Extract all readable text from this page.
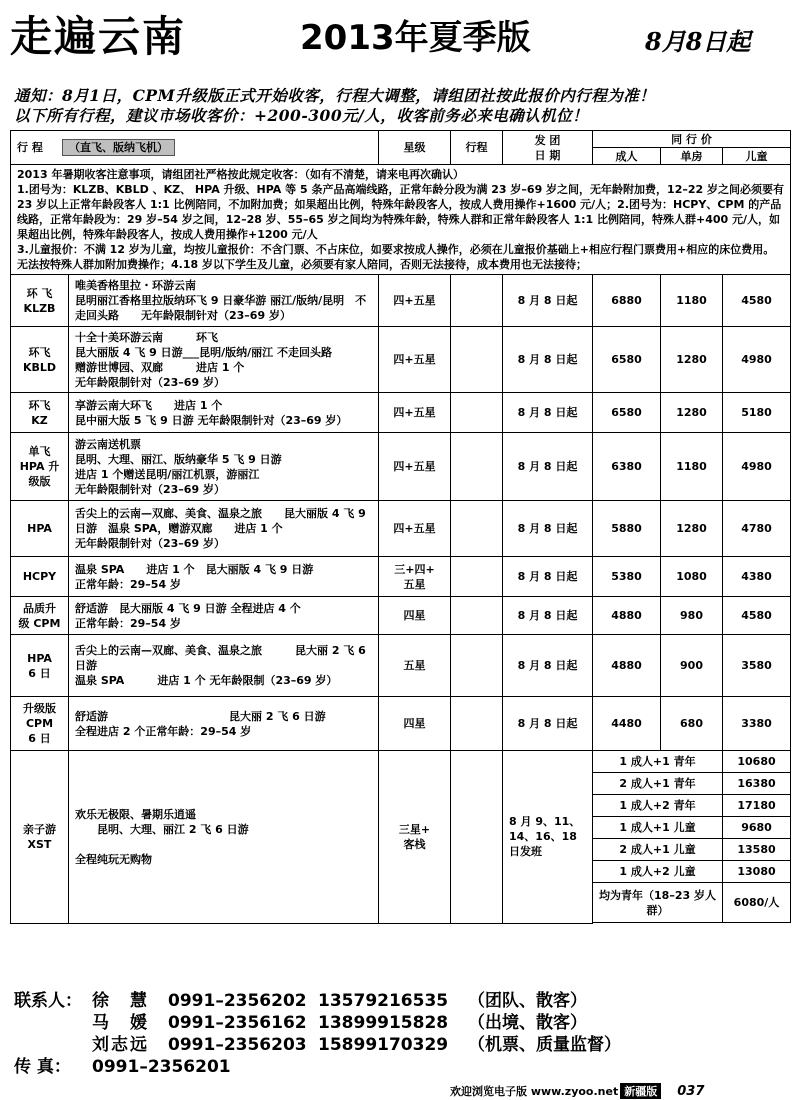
走遍云南	2013年夏季版	8月8日起
通知：8月1日，CPM升级版正式开始收客，行程大调整，请组团社按此报价内行程为准！
以下所有行程，建议市场收客价：+200-300元/人，收客前务必来电确认机位！
行 程 （直飞、版纳飞机）		星级	行程	发 团
日 期	同 行 价		
					成人	单房	儿童

2013 年暑期收客注意事项，请组团社严格按此规定收客：（如有不清楚，请来电再次确认）
1.团号为：KLZB、KBLD 、KZ、 HPA 升级、HPA 等 5 条产品高端线路，正常年龄分段为满 23 岁–69 岁之间，无年龄附加费，12–22 岁之间必须要有 23 岁以上正常年龄段客人 1:1 比例陪同，不加附加费；如果超出比例，特殊年龄段客人，按成人费用操作+1600 元/人；2.团号为：HCPY、CPM 的产品线路，正常年龄段为：29 岁–54 岁之间，12–28 岁、55–65 岁之间均为特殊年龄，特殊人群和正常年龄段客人 1:1 比例陪同，特殊人群+400 元/人，如果超出比例，特殊年龄段客人，按成人费用操作+1200 元/人
3.儿童报价：不满 12 岁为儿童，均按儿童报价：不含门票、不占床位，如要求按成人操作，必须在儿童报价基础上+相应行程门票费用+相应的床位费用。无法按特殊人群加附加费操作；4.18 岁以下学生及儿童，必须要有家人陪同，否则无法接待，成本费用也无法接待；							

环 飞
KLZB	唯美香格里拉・环游云南
昆明丽江香格里拉版纳环飞 9 日豪华游 丽江/版纳/昆明　不走回头路　　无年龄限制针对（23–69 岁）	四+五星		8 月 8 日起	6880	1180	4580
环飞
KBLD	十全十美环游云南　　　环飞
昆大丽版 4 飞 9 日游___昆明/版纳/丽江 不走回头路
赠游世博园、双廊　　　进店 1 个
无年龄限制针对（23–69 岁）	四+五星		8 月 8 日起	6580	1280	4980
环飞
KZ	享游云南大环飞　　进店 1 个
昆中丽大版 5 飞 9 日游 无年龄限制针对（23–69 岁）	四+五星		8 月 8 日起	6580	1280	5180
单飞
HPA 升
级版	游云南送机票
昆明、大理、丽江、版纳豪华 5 飞 9 日游
进店 1 个赠送昆明/丽江机票，游丽江
无年龄限制针对（23–69 岁）	四+五星		8 月 8 日起	6380	1180	4980
HPA	舌尖上的云南—双廊、美食、温泉之旅　　昆大丽版 4 飞 9 日游　温泉 SPA，赠游双廊　　进店 1 个
无年龄限制针对（23–69 岁）	四+五星		8 月 8 日起	5880	1280	4780
HCPY	温泉 SPA　　进店 1 个　昆大丽版 4 飞 9 日游
正常年龄：29–54 岁	三+四+
五星		8 月 8 日起	5380	1080	4380
品质升
级 CPM	舒适游　昆大丽版 4 飞 9 日游 全程进店 4 个
正常年龄：29–54 岁	四星		8 月 8 日起	4880	980	4580
HPA
6 日	舌尖上的云南—双廊、美食、温泉之旅　　　昆大丽 2 飞 6 日游
温泉 SPA　　　进店 1 个 无年龄限制（23–69 岁）	五星		8 月 8 日起	4880	900	3580
升级版
CPM
6 日	舒适游　　　　　　　　　　　昆大丽 2 飞 6 日游
全程进店 2 个正常年龄：29–54 岁	四星		8 月 8 日起	4480	680	3380
亲子游
XST	欢乐无极限、暑期乐逍遥
　　昆明、大理、丽江 2 飞 6 日游

全程纯玩无购物	三星+
客栈		8 月 9、11、
14、16、18
日发班	1 成人+1 青年		10680
					2 成人+1 青年		16380
					1 成人+2 青年		17180
					1 成人+1 儿童		9680
					2 成人+1 儿童		13580
					1 成人+2 儿童		13080
					均为青年（18–23 岁人群）		6080/人

联系人： 徐　慧	0991–2356202 13579216535	（团队、散客）
马　媛	0991–2356162 13899915828	（出境、散客）
刘志远	0991–2356203 15899170329	（机票、质量监督）
传 真：	0991–2356201
欢迎浏览电子版
www.zyoo.net 新疆版	037
